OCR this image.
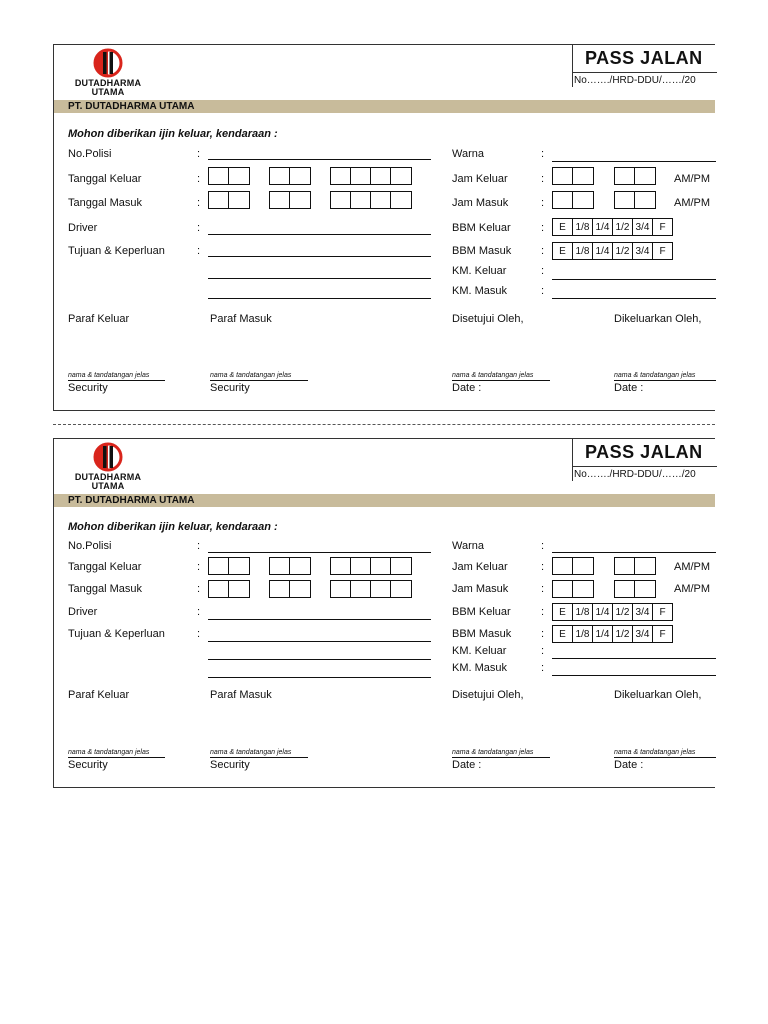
DUTADHARMA
UTAMA
PASS JALAN
No……./HRD-DDU/……/20
PT. DUTADHARMA UTAMA
Mohon diberikan ijin keluar, kendaraan :
No.Polisi	:
Tanggal Keluar	:
Tanggal Masuk	:
Driver	:
Tujuan & Keperluan	:
Warna	:
Jam Keluar	:	AM/PM
Jam Masuk	:	AM/PM
BBM Keluar	:	E 1/8 1/4 1/2 3/4 F
BBM Masuk	:	E 1/8 1/4 1/2 3/4 F
KM. Keluar	:
KM. Masuk	:
Paraf Keluar	Paraf Masuk	Disetujui Oleh,	Dikeluarkan Oleh,
nama & tandatangan jelas	nama & tandatangan jelas	nama & tandatangan jelas	nama & tandatangan jelas
Security	Security	Date :	Date :
DUTADHARMA
UTAMA
PASS JALAN
No……./HRD-DDU/……/20
PT. DUTADHARMA UTAMA
Mohon diberikan ijin keluar, kendaraan :
No.Polisi	:
Tanggal Keluar	:
Tanggal Masuk	:
Driver	:
Tujuan & Keperluan	:
Warna	:
Jam Keluar	:	AM/PM
Jam Masuk	:	AM/PM
BBM Keluar	:	E 1/8 1/4 1/2 3/4 F
BBM Masuk	:	E 1/8 1/4 1/2 3/4 F
KM. Keluar	:
KM. Masuk	:
Paraf Keluar	Paraf Masuk	Disetujui Oleh,	Dikeluarkan Oleh,
nama & tandatangan jelas	nama & tandatangan jelas	nama & tandatangan jelas	nama & tandatangan jelas
Security	Security	Date :	Date :
